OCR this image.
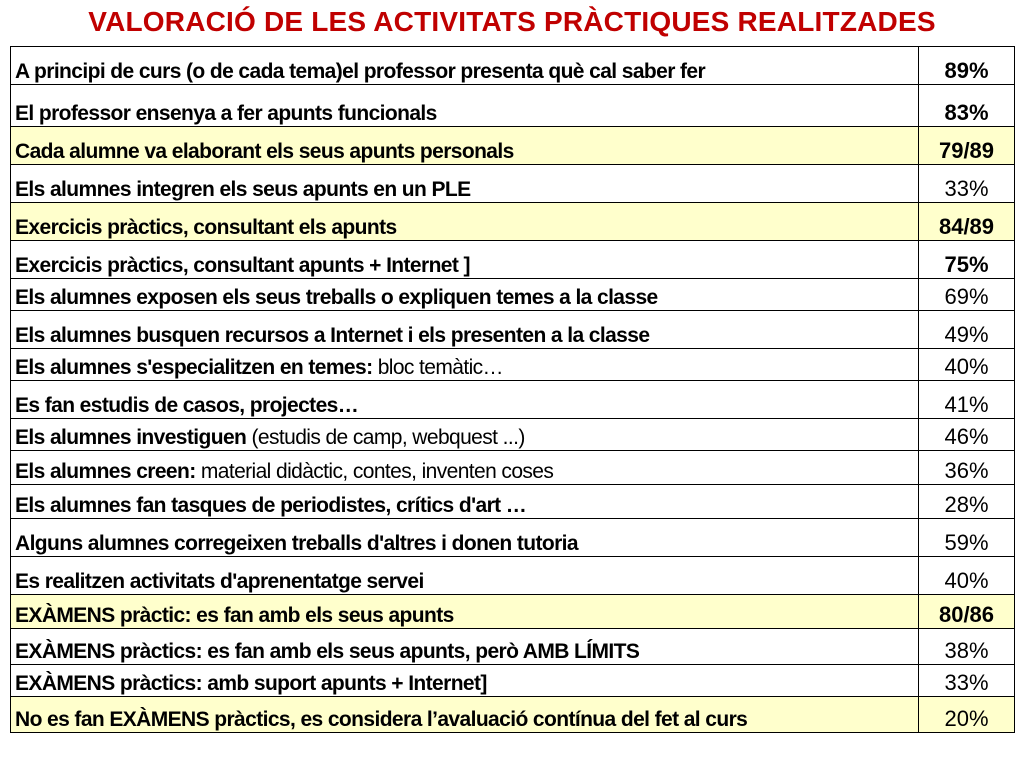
VALORACIÓ DE LES ACTIVITATS PRÀCTIQUES REALITZADES
A principi de curs (o de cada tema)el professor presenta què cal saber fer	89%
El professor ensenya a fer apunts funcionals	83%
Cada alumne va elaborant els seus apunts personals	79/89
Els alumnes integren els seus apunts en un PLE	33%
Exercicis pràctics, consultant els apunts	84/89
Exercicis pràctics, consultant apunts + Internet ]	75%
Els alumnes exposen els seus treballs o expliquen temes a la classe	69%
Els alumnes busquen recursos a Internet i els presenten a la classe	49%
Els alumnes s'especialitzen en temes: bloc temàtic…	40%
Es fan estudis de casos, projectes…	41%
Els alumnes investiguen (estudis de camp, webquest ...)	46%
Els alumnes creen: material didàctic, contes, inventen coses	36%
Els alumnes fan tasques de periodistes, crítics d'art …	28%
Alguns alumnes corregeixen treballs d'altres i donen tutoria	59%
Es realitzen activitats d'aprenentatge servei	40%
EXÀMENS pràctic: es fan amb els seus apunts	80/86
EXÀMENS pràctics: es fan amb els seus apunts, però AMB LÍMITS	38%
EXÀMENS pràctics: amb suport apunts + Internet]	33%
No es fan EXÀMENS pràctics, es considera l’avaluació contínua del fet al curs	20%
